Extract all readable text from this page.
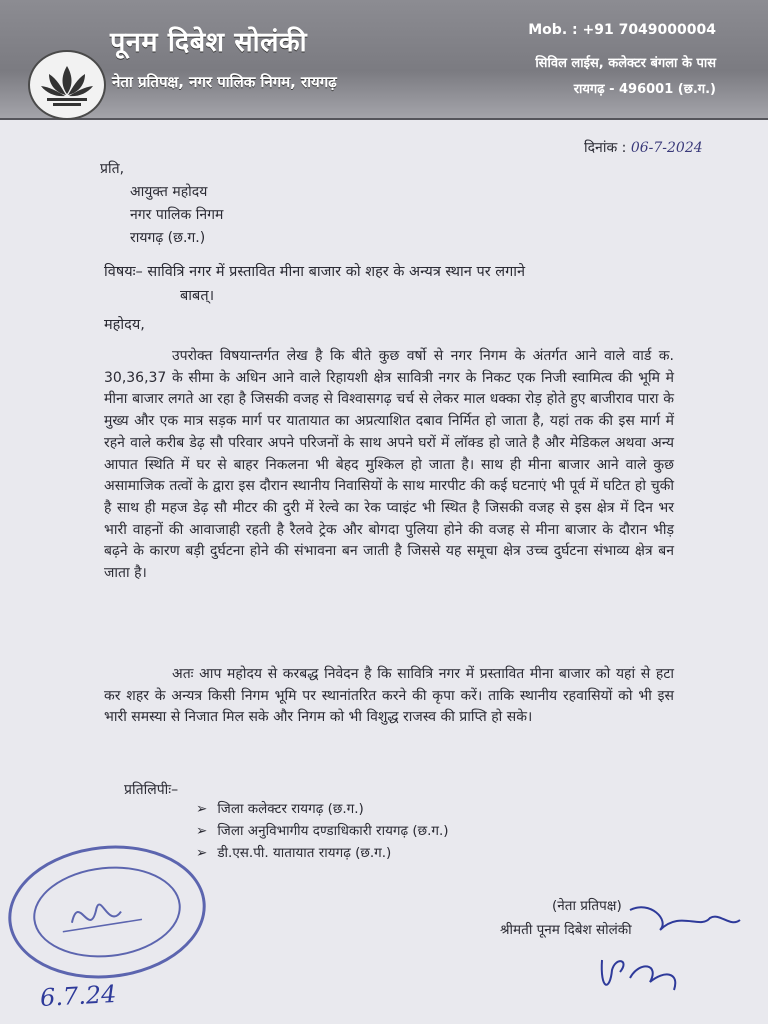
पूनम दिबेश सोलंकी
नेता प्रतिपक्ष, नगर पालिक निगम, रायगढ़
Mob. : +91 7049000004
सिविल लाईस, कलेक्टर बंगला के पास
रायगढ़ - 496001 (छ.ग.)
दिनांक : 06-7-2024
प्रति,
आयुक्त महोदय
नगर पालिक निगम
रायगढ़ (छ.ग.)
विषयः– सावित्रि नगर में प्रस्तावित मीना बाजार को शहर के अन्यत्र स्थान पर लगाने
बाबत्।
महोदय,
उपरोक्त विषयान्तर्गत लेख है कि बीते कुछ वर्षो से नगर निगम के अंतर्गत आने वाले वार्ड क. 30,36,37 के सीमा के अधिन आने वाले रिहायशी क्षेत्र सावित्री नगर के निकट एक निजी स्वामित्व की भूमि मे मीना बाजार लगते आ रहा है जिसकी वजह से विश्वासगढ़ चर्च से लेकर माल धक्का रोड़ होते हुए बाजीराव पारा के मुख्य और एक मात्र सड़क मार्ग पर यातायात का अप्रत्याशित दबाव निर्मित हो जाता है, यहां तक की इस मार्ग में रहने वाले करीब डेढ़ सौ परिवार अपने परिजनों के साथ अपने घरों में लॉक्ड हो जाते है और मेडिकल अथवा अन्य आपात स्थिति में घर से बाहर निकलना भी बेहद मुश्किल हो जाता है। साथ ही मीना बाजार आने वाले कुछ असामाजिक तत्वों के द्वारा इस दौरान स्थानीय निवासियों के साथ मारपीट की कई घटनाएं भी पूर्व में घटित हो चुकी है साथ ही महज डेढ़ सौ मीटर की दुरी में रेल्वे का रेक प्वाइंट भी स्थित है जिसकी वजह से इस क्षेत्र में दिन भर भारी वाहनों की आवाजाही रहती है रैलवे ट्रेक और बोगदा पुलिया होने की वजह से मीना बाजार के दौरान भीड़ बढ़ने के कारण बड़ी दुर्घटना होने की संभावना बन जाती है जिससे यह समूचा क्षेत्र उच्च दुर्घटना संभाव्य क्षेत्र बन जाता है।
अतः आप महोदय से करबद्ध निवेदन है कि सावित्रि नगर में प्रस्तावित मीना बाजार को यहां से हटा कर शहर के अन्यत्र किसी निगम भूमि पर स्थानांतरित करने की कृपा करें। ताकि स्थानीय रहवासियों को भी इस भारी समस्या से निजात मिल सके और निगम को भी विशुद्ध राजस्व की प्राप्ति हो सके।
प्रतिलिपीः–
➢ जिला कलेक्टर रायगढ़ (छ.ग.)
➢ जिला अनुविभागीय दण्डाधिकारी रायगढ़ (छ.ग.)
➢ डी.एस.पी. यातायात रायगढ़ (छ.ग.)
6.7.24
(नेता प्रतिपक्ष)
श्रीमती पूनम दिबेश सोलंकी
